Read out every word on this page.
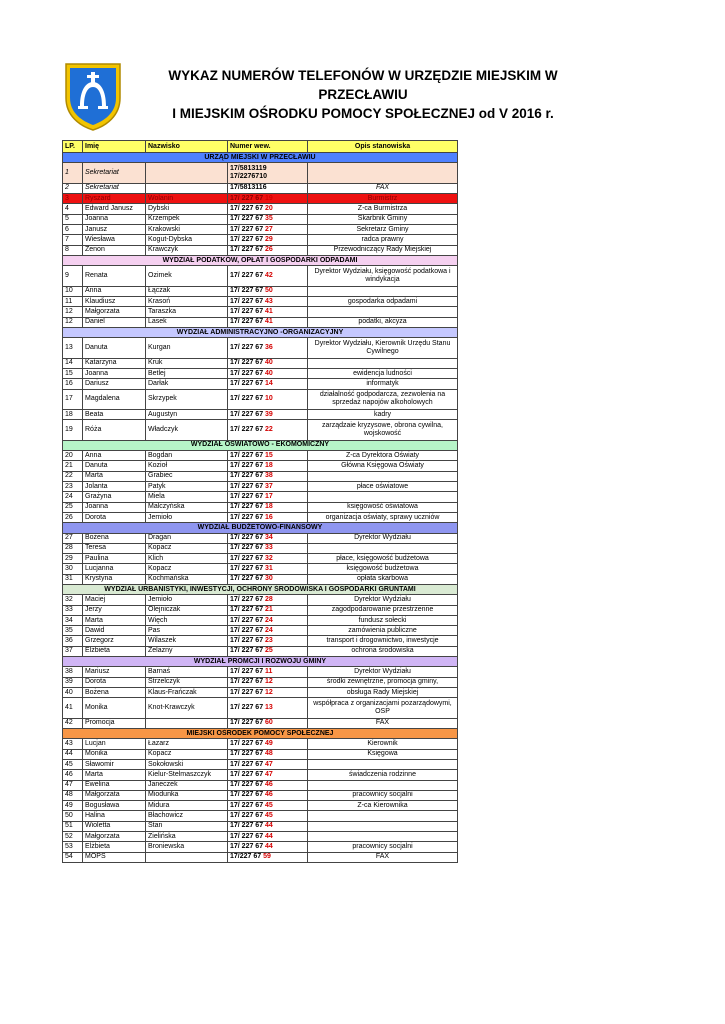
WYKAZ NUMERÓW TELEFONÓW W URZĘDZIE MIEJSKIM W PRZECŁAWIU
I MIEJSKIM OŚRODKU POMOCY SPOŁECZNEJ od V 2016 r.
LP.	Imię	Nazwisko	Numer wew.	Opis stanowiska
URZĄD MIEJSKI W PRZECŁAWIU				
1	Sekretariat		17/5813119
17/2276710	

2	Sekretariat		17/5813116	FAX
3	Ryszard	Wolanin	17/ 227 67 19	Burmistrz
4	Edward Janusz	Dybski	17/ 227 67 20	Z-ca Burmistrza
5	Joanna	Krzempek	17/ 227 67 35	Skarbnik Gminy
6	Janusz	Krakowski	17/ 227 67 27	Sekretarz Gminy
7	Wiesława	Kogut-Dybska	17/ 227 67 29	radca prawny
8	Zenon	Krawczyk	17/ 227 67 26	Przewodniczący Rady Miejskiej
WYDZIAŁ PODATKÓW, OPŁAT I GOSPODARKI ODPADAMI				
9	Renata	Ozimek	17/ 227 67 42	Dyrektor Wydziału, księgowość podatkowa i windykacja
10	Anna	Łączak	17/ 227 67 50	
11	Klaudiusz	Krasoń	17/ 227 67 43	gospodarka odpadami
12	Małgorzata	Taraszka	17/ 227 67 41	
12	Daniel	Lasek	17/ 227 67 41	podatki, akcyza
WYDZIAŁ ADMINISTRACYJNO -ORGANIZACYJNY				
13	Danuta	Kurgan	17/ 227 67 36	Dyrektor Wydziału, Kierownik Urzędu Stanu Cywilnego
14	Katarzyna	Kruk	17/ 227 67 40	
15	Joanna	Betlej	17/ 227 67 40	ewidencja ludności
16	Dariusz	Darłak	17/ 227 67 14	informatyk
17	Magdalena	Skrzypek	17/ 227 67 10	działalność godpodarcza, zezwolenia na sprzedaż napojów alkoholowych
18	Beata	Augustyn	17/ 227 67 39	kadry
19	Róża	Władczyk	17/ 227 67 22	zarządzaie kryzysowe, obrona cywilna, wojskowość
WYDZIAŁ OŚWIATOWO - EKOMOMICZNY				
20	Anna	Bogdan	17/ 227 67 15	Z-ca Dyrektora Oświaty
21	Danuta	Kozioł	17/ 227 67 18	Główna Księgowa Oświaty
22	Marta	Grabiec	17/ 227 67 38	
23	Jolanta	Patyk	17/ 227 67 37	płace oświatowe
24	Grażyna	Miela	17/ 227 67 17	
25	Joanna	Malczyńska	17/ 227 67 18	księgowość oświatowa
26	Dorota	Jemioło	17/ 227 67 16	organizacja oświaty, sprawy uczniów
WYDZIAŁ BUDŻETOWO-FINANSOWY				
27	Bożena	Dragan	17/ 227 67 34	Dyrektor Wydziału
28	Teresa	Kopacz	17/ 227 67 33	
29	Paulina	Klich	17/ 227 67 32	płace, księgowość budżetowa
30	Lucjanna	Kopacz	17/ 227 67 31	księgowość budżetowa
31	Krystyna	Kochmańska	17/ 227 67 30	opłata skarbowa
WYDZIAŁ URBANISTYKI, INWESTYCJI, OCHRONY ŚRODOWISKA I GOSPODARKI GRUNTAMI				
32	Maciej	Jemioło	17/ 227 67 28	Dyrektor Wydziału
33	Jerzy	Olejniczak	17/ 227 67 21	zagodpodarowanie przestrzenne
34	Marta	Więch	17/ 227 67 24	fundusz sołecki
35	Dawid	Pas	17/ 227 67 24	zamówienia publiczne
36	Grzegorz	Wilaszek	17/ 227 67 23	transport i drogownictwo, inwestycje
37	Elżbieta	Żelazny	17/ 227 67 25	ochrona środowiska
WYDZIAŁ PROMCJI I ROZWOJU GMINY				
38	Mariusz	Barnaś	17/ 227 67 11	Dyrektor Wydziału
39	Dorota	Strzelczyk	17/ 227 67 12	środki zewnętrzne, promocja gminy,
40	Bożena	Klaus-Frańczak	17/ 227 67 12	obsługa Rady Miejskiej
41	Monika	Knot-Krawczyk	17/ 227 67 13	współpraca z organizacjami pozarządowymi, OSP
42	Promocja		17/ 227 67 60	FAX
MIEJSKI OŚRODEK POMOCY SPOŁECZNEJ				
43	Lucjan	Łazarz	17/ 227 67 49	Kierownik
44	Monika	Kopacz	17/ 227 67 48	Księgowa
45	Sławomir	Sokołowski	17/ 227 67 47	
46	Marta	Kielur-Stelmaszczyk	17/ 227 67 47	świadczenia rodzinne
47	Ewelina	Janeczek	17/ 227 67 46	
48	Małgorzata	Miodunka	17/ 227 67 46	pracownicy socjalni
49	Bogusława	Midura	17/ 227 67 45	Z-ca Kierownika
50	Halina	Błachowicz	17/ 227 67 45	
51	Wioletta	Stan	17/ 227 67 44	
52	Małgorzata	Zielińska	17/ 227 67 44	
53	Elżbieta	Broniewska	17/ 227 67 44	pracownicy socjalni
54	MOPS		17/227 67 59	FAX
